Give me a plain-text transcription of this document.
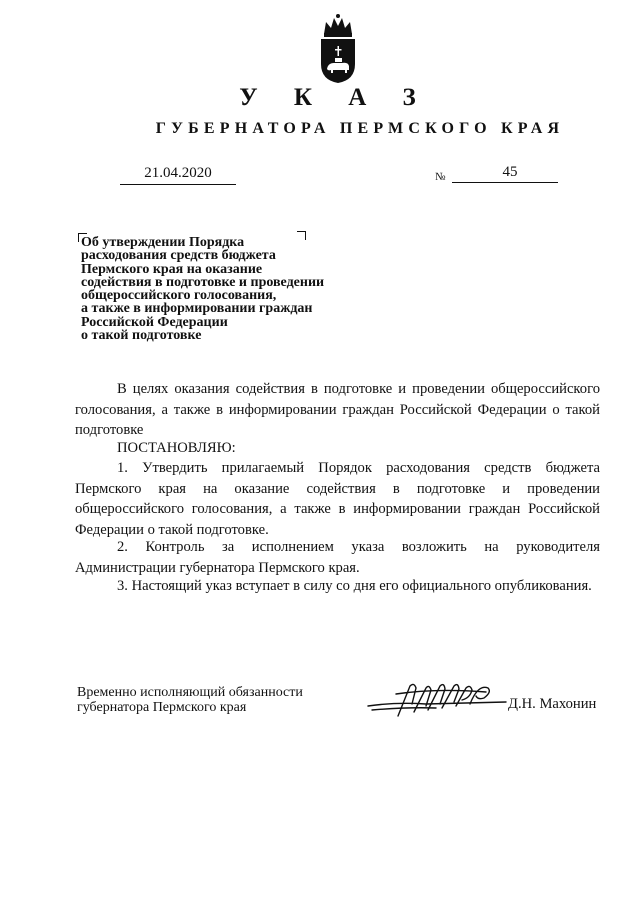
У К А З
ГУБЕРНАТОРА ПЕРМСКОГО КРАЯ
21.04.2020	№	45
Об утверждении Порядка
расходования средств бюджета
Пермского края на оказание
содействия в подготовке и проведении
общероссийского голосования,
а также в информировании граждан
Российской Федерации
о такой подготовке
В целях оказания содействия в подготовке и проведении общероссийского голосования, а также в информировании граждан Российской Федерации о такой подготовке
ПОСТАНОВЛЯЮ:
1. Утвердить прилагаемый Порядок расходования средств бюджета Пермского края на оказание содействия в подготовке и проведении общероссийского голосования, а также в информировании граждан Российской Федерации о такой подготовке.
2. Контроль за исполнением указа возложить на руководителя Администрации губернатора Пермского края.
3. Настоящий указ вступает в силу со дня его официального опубликования.
Временно исполняющий обязанности
губернатора Пермского края	Д.Н. Махонин
